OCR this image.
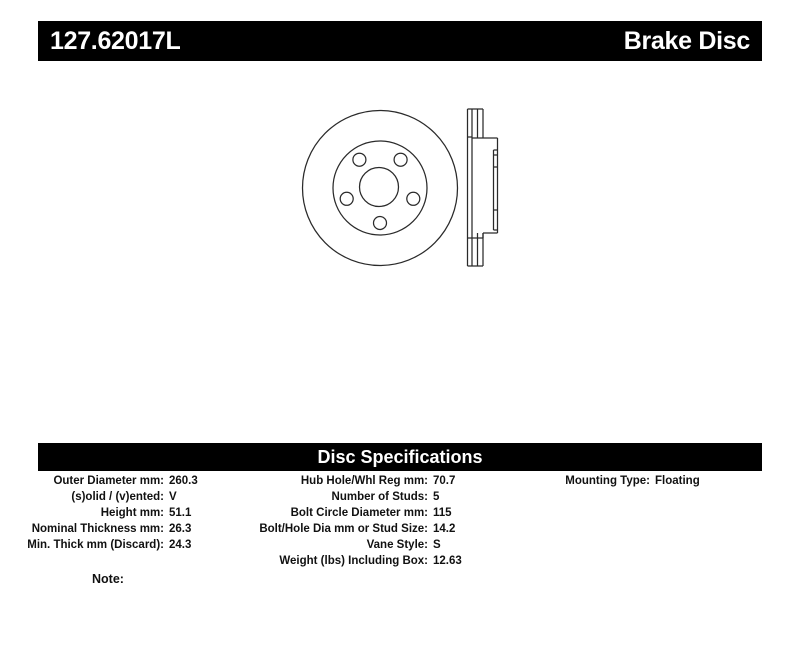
127.62017L	Brake Disc
Disc Specifications
Outer Diameter mm: 260.3
(s)olid / (v)ented: V
Height mm: 51.1
Nominal Thickness mm: 26.3
Min. Thick mm (Discard): 24.3
Hub Hole/Whl Reg mm: 70.7
Number of Studs: 5
Bolt Circle Diameter mm: 115
Bolt/Hole Dia mm or Stud Size: 14.2
Vane Style: S
Weight (lbs) Including Box: 12.63
Mounting Type: Floating
Note:
